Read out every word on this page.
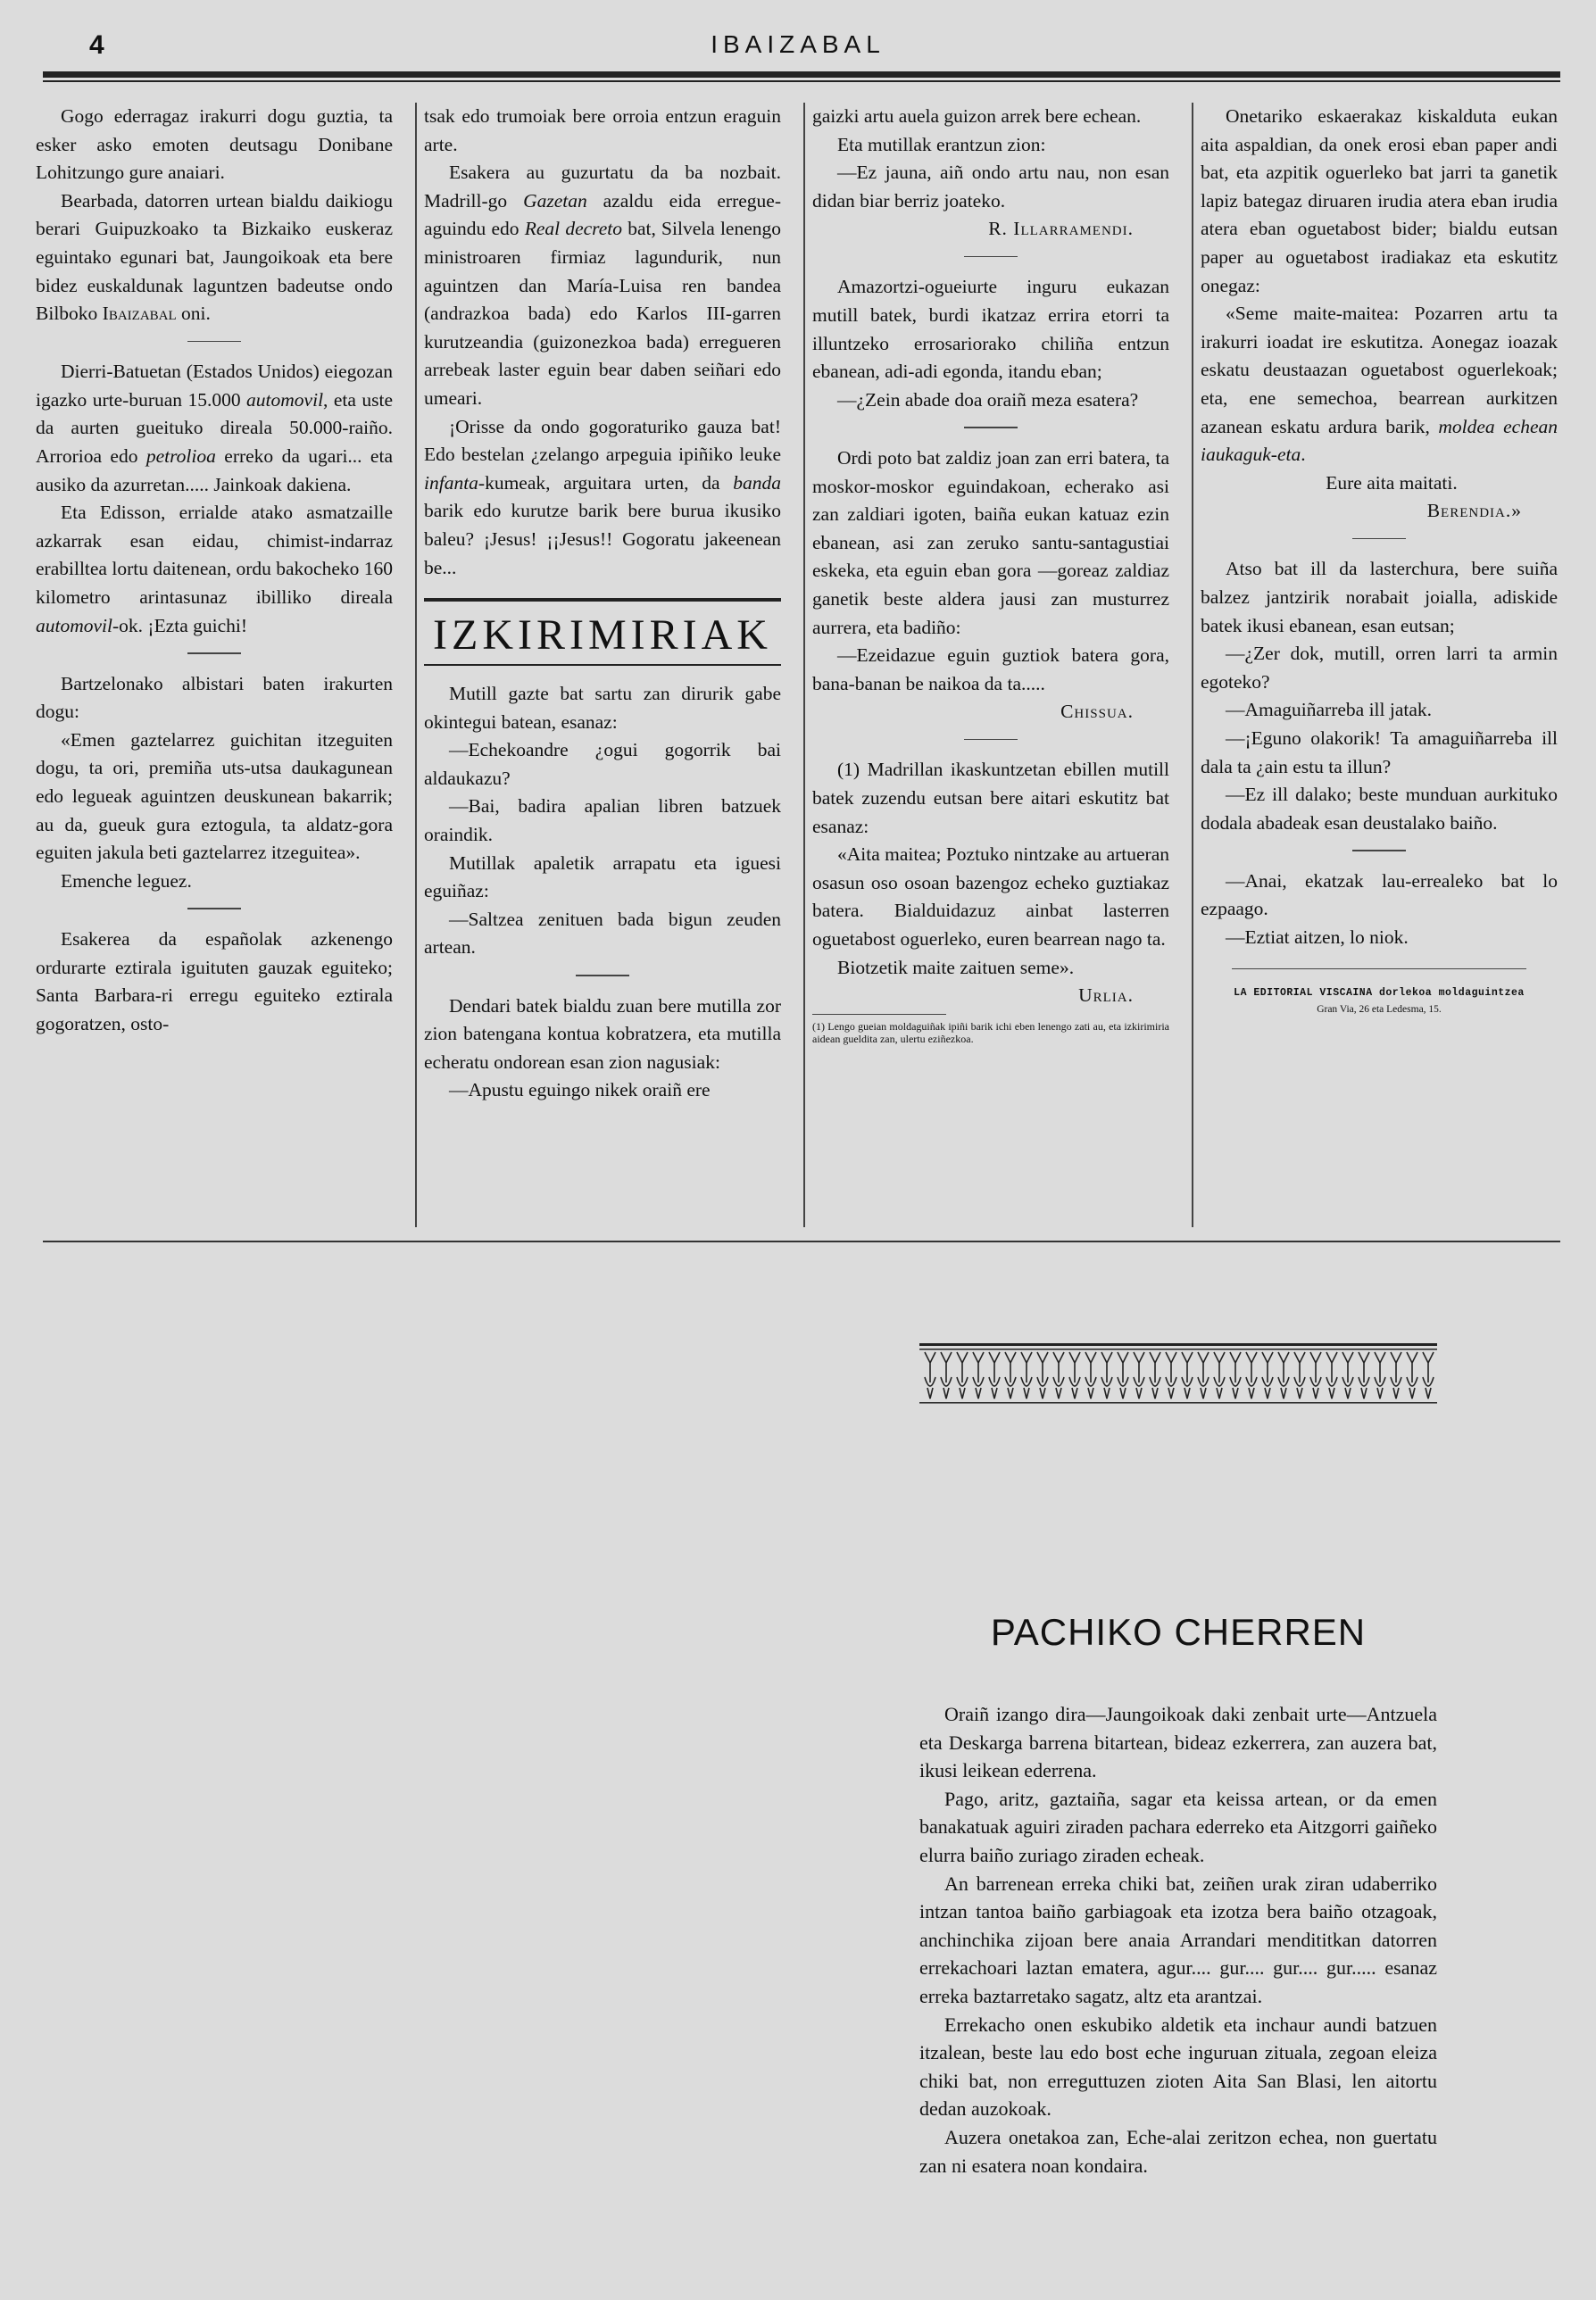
4	IBAIZABAL

Gogo ederragaz irakurri dogu guztia, ta esker asko emoten deutsagu Donibane Lohitzungo gure anaiari.

Bearbada, datorren urtean bialdu daikiogu berari Guipuzkoako ta Bizkaiko euskeraz eguintako egunari bat, Jaungoikoak eta bere bidez euskaldunak laguntzen badeutse ondo Bilboko Ibaizabal oni.

Dierri-Batuetan (Estados Unidos) eiegozan igazko urte-buruan 15.000 automovil, eta uste da aurten gueituko direala 50.000-raiño. Arrorioa edo petrolioa erreko da ugari... eta ausiko da azurretan..... Jainkoak dakiena.

Eta Edisson, errialde atako asmatzaille azkarrak esan eidau, chimist-indarraz erabilltea lortu daitenean, ordu bakocheko 160 kilometro arintasunaz ibilliko direala automovil-ok. ¡Ezta guichi!

Bartzelonako albistari baten irakurten dogu:

«Emen gaztelarrez guichitan itzeguiten dogu, ta ori, premiña uts-utsa daukagunean edo legueak aguintzen deuskunean bakarrik; au da, gueuk gura eztogula, ta aldatz-gora eguiten jakula beti gaztelarrez itzeguitea».

Emenche leguez.

Esakerea da españolak azkenengo ordurarte eztirala iguituten gauzak eguiteko; Santa Barbara-ri erregu eguiteko eztirala gogoratzen, osto-

tsak edo trumoiak bere orroia entzun eraguin arte.

Esakera au guzurtatu da ba nozbait. Madrill-go Gazetan azaldu eida erregue-aguindu edo Real decreto bat, Silvela lenengo ministroaren firmiaz lagundurik, nun aguintzen dan María-Luisa ren bandea (andrazkoa bada) edo Karlos III-garren kurutzeandia (guizonezkoa bada) erregueren arrebeak laster eguin bear daben seiñari edo umeari.

¡Orisse da ondo gogoraturiko gauza bat! Edo bestelan ¿zelango arpeguia ipiñiko leuke infanta-kumeak, arguitara urten, da banda barik edo kurutze barik bere burua ikusiko baleu? ¡Jesus! ¡¡Jesus!! Gogoratu jakeenean be...

IZKIRIMIRIAK

Mutill gazte bat sartu zan dirurik gabe okintegui batean, esanaz:

—Echekoandre ¿ogui gogorrik bai aldaukazu?

—Bai, badira apalian libren batzuek oraindik.

Mutillak apaletik arrapatu eta iguesi eguiñaz:

—Saltzea zenituen bada bigun zeuden artean.

Dendari batek bialdu zuan bere mutilla zor zion batengana kontua kobratzera, eta mutilla echeratu ondorean esan zion nagusiak:

—Apustu eguingo nikek oraiñ ere

gaizki artu auela guizon arrek bere echean.

Eta mutillak erantzun zion:

—Ez jauna, aiñ ondo artu nau, non esan didan biar berriz joateko.

R. Illarramendi.

Amazortzi-ogueiurte inguru eukazan mutill batek, burdi ikatzaz errira etorri ta illuntzeko errosariorako chiliña entzun ebanean, adi-adi egonda, itandu eban;

—¿Zein abade doa oraiñ meza esatera?

Ordi poto bat zaldiz joan zan erri batera, ta moskor-moskor eguindakoan, echerako asi zan zaldiari igoten, baiña eukan katuaz ezin ebanean, asi zan zeruko santu-santagustiai eskeka, eta eguin eban gora —goreaz zaldiaz ganetik beste aldera jausi zan musturrez aurrera, eta badiño:

—Ezeidazue eguin guztiok batera gora, bana-banan be naikoa da ta.....

Chissua.

(1) Madrillan ikaskuntzetan ebillen mutill batek zuzendu eutsan bere aitari eskutitz bat esanaz:

«Aita maitea; Poztuko nintzake au artueran osasun oso osoan bazengoz echeko guztiakaz batera. Bialduidazuz ainbat lasterren oguetabost oguerleko, euren bearrean nago ta.

Biotzetik maite zaituen seme».

Urlia.

(1) Lengo gueian moldaguiñak ipiñi barik ichi eben lenengo zati au, eta izkirimiria aidean gueldita zan, ulertu eziñezkoa.

Onetariko eskaerakaz kiskalduta eukan aita aspaldian, da onek erosi eban paper andi bat, eta azpitik oguerleko bat jarri ta ganetik lapiz bategaz diruaren irudia atera eban irudia atera eban oguetabost bider; bialdu eutsan paper au oguetabost iradiakaz eta eskutitz onegaz:

«Seme maite-maitea: Pozarren artu ta irakurri ioadat ire eskutitza. Aonegaz ioazak eskatu deustaazan oguetabost oguerlekoak; eta, ene semechoa, bearrean aurkitzen azanean eskatu ardura barik, moldea echean iaukaguk-eta.

Eure aita maitati.

Berendia.»

Atso bat ill da lasterchura, bere suiña balzez jantzirik norabait joialla, adiskide batek ikusi ebanean, esan eutsan;

—¿Zer dok, mutill, orren larri ta armin egoteko?

—Amaguiñarreba ill jatak.

—¡Eguno olakorik! Ta amaguiñarreba ill dala ta ¿ain estu ta illun?

—Ez ill dalako; beste munduan aurkituko dodala abadeak esan deustalako baiño.

—Anai, ekatzak lau-errealeko bat lo ezpaago.

—Eztiat aitzen, lo niok.

LA EDITORIAL VISCAINA dorlekoa moldaguintzea

Gran Via, 26 eta Ledesma, 15.

PACHIKO CHERREN

Oraiñ izango dira—Jaungoikoak daki zenbait urte—Antzuela eta Deskarga barrena bitartean, bideaz ezkerrera, zan auzera bat, ikusi leikean ederrena.

Pago, aritz, gaztaiña, sagar eta keissa artean, or da emen banakatuak aguiri ziraden pachara ederreko eta Aitzgorri gaiñeko elurra baiño zuriago ziraden echeak.

An barrenean erreka chiki bat, zeiñen urak ziran udaberriko intzan tantoa baiño garbiagoak eta izotza bera baiño otzagoak, anchinchika zijoan bere anaia Arrandari mendititkan datorren errekachoari laztan ematera, agur.... gur.... gur.... gur..... esanaz erreka baztarretako sagatz, altz eta arantzai.

Errekacho onen eskubiko aldetik eta inchaur aundi batzuen itzalean, beste lau edo bost eche inguruan zituala, zegoan eleiza chiki bat, non erreguttuzen zioten Aita San Blasi, len aitortu dedan auzokoak.

Auzera onetakoa zan, Eche-alai zeritzon echea, non guertatu zan ni esatera noan kondaira.
